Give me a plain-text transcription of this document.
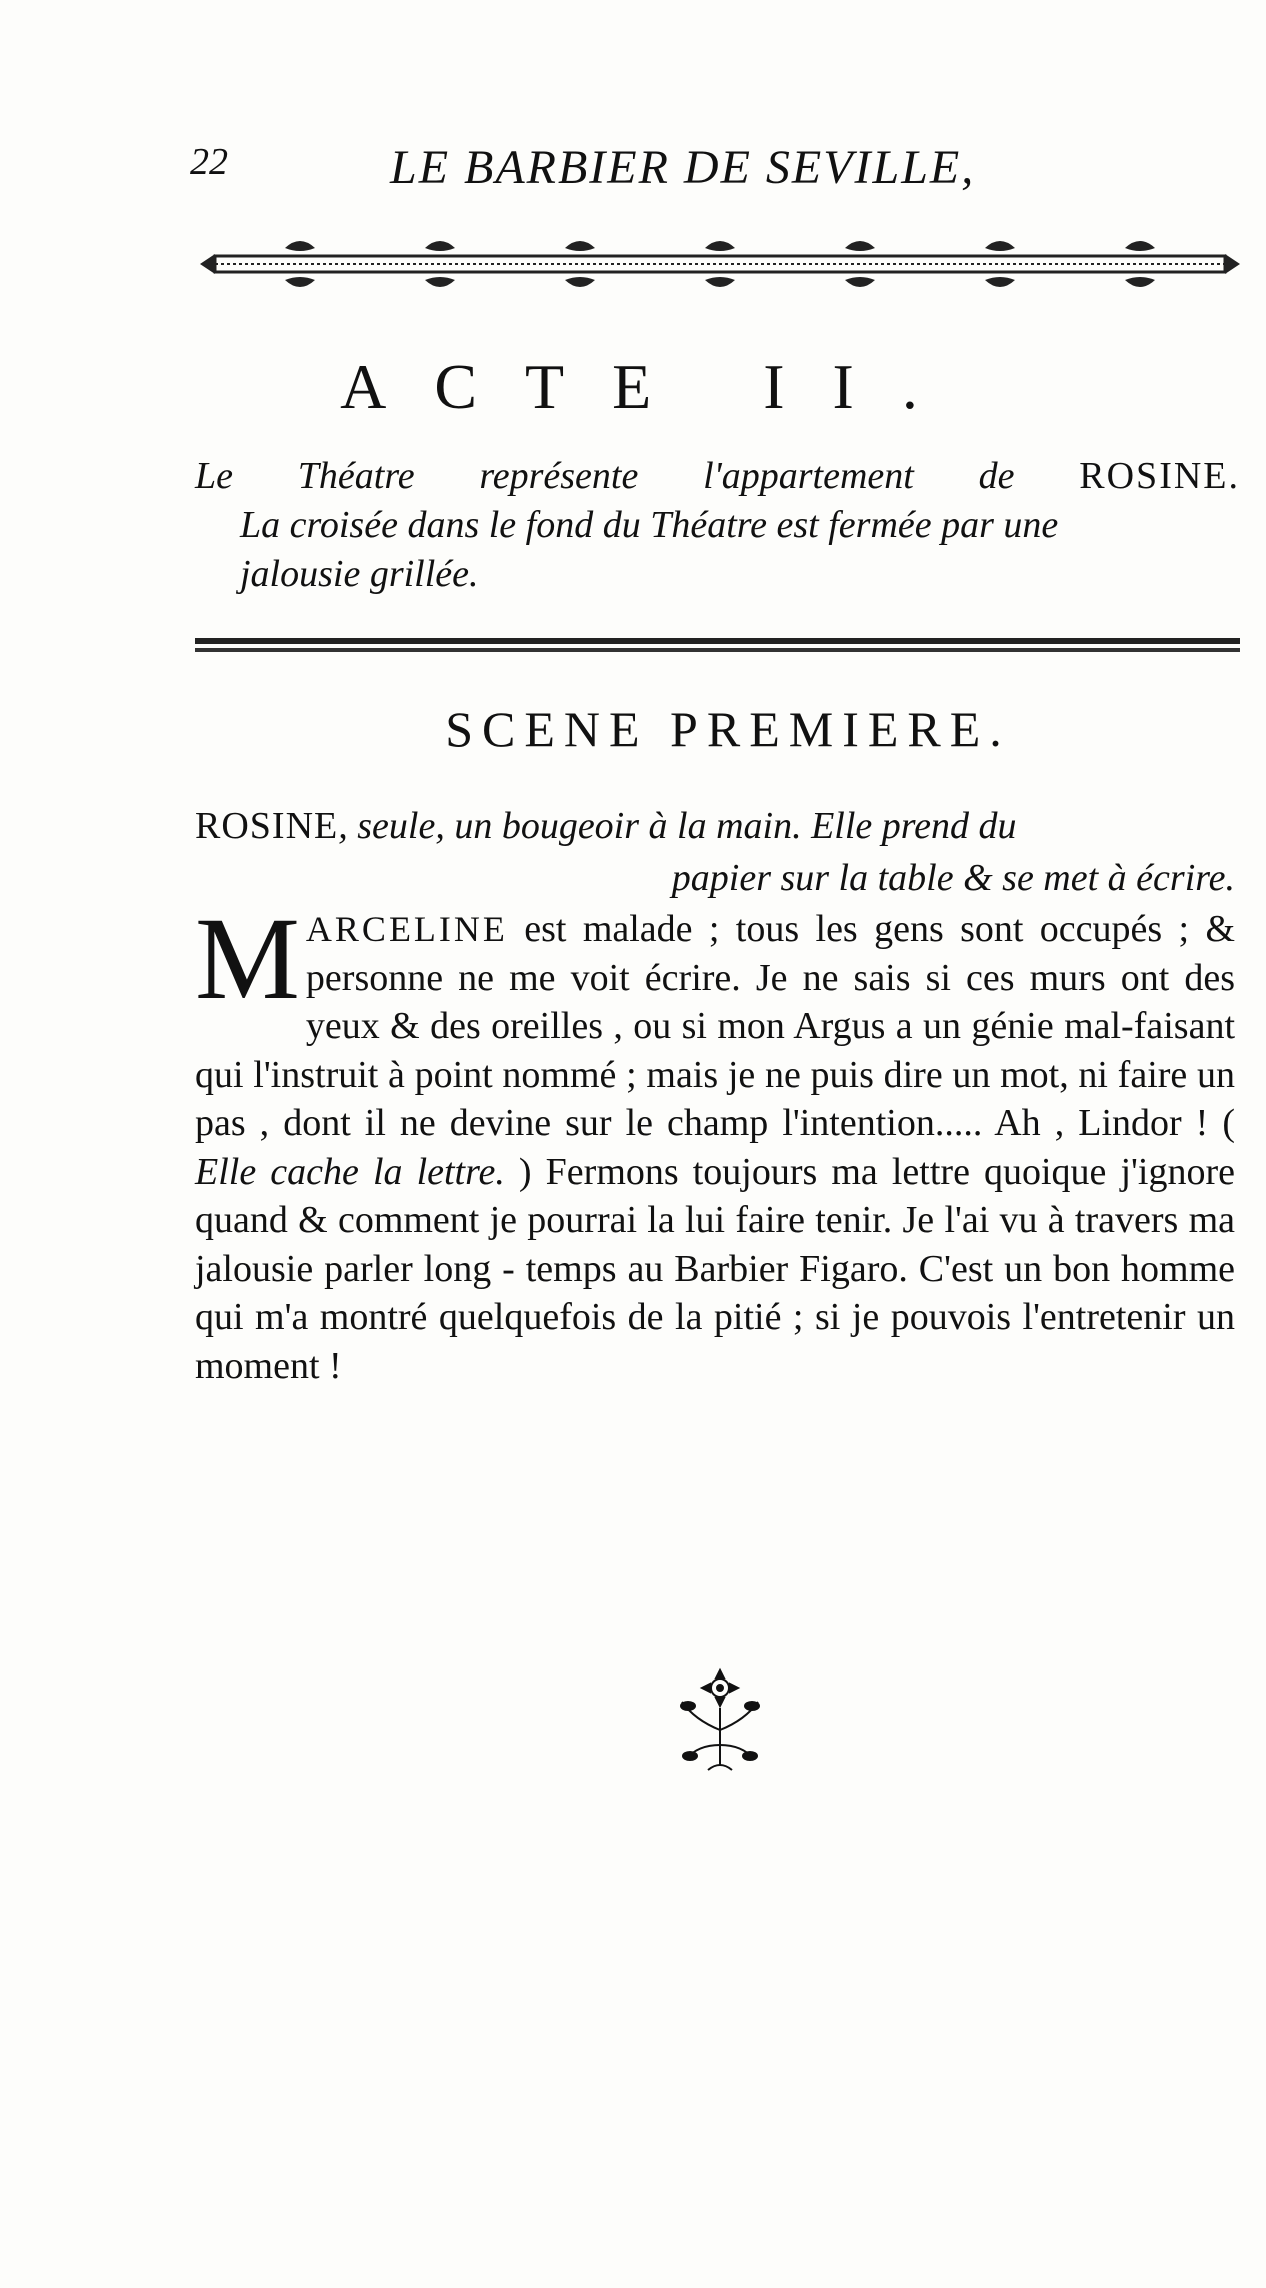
22	LE BARBIER DE SEVILLE,
ACTE II.
Le Théatre représente l'appartement de ROSINE.
La croisée dans le fond du Théatre est fermée par une
jalousie grillée.
SCENE PREMIERE.
ROSINE, seule, un bougeoir à la main. Elle prend du
papier sur la table & se met à écrire.

MARCELINE est malade ; tous les gens sont occupés ; & personne ne me voit écrire. Je ne sais si ces murs ont des yeux & des oreilles , ou si mon Argus a un génie mal-faisant qui l'instruit à point nommé ; mais je ne puis dire un mot, ni faire un pas , dont il ne devine sur le champ l'intention..... Ah , Lindor ! ( Elle cache la lettre. ) Fermons toujours ma lettre quoique j'ignore quand & comment je pourrai la lui faire tenir. Je l'ai vu à travers ma jalousie parler long - temps au Barbier Figaro. C'est un bon homme qui m'a montré quelquefois de la pitié ; si je pouvois l'entretenir un moment !
